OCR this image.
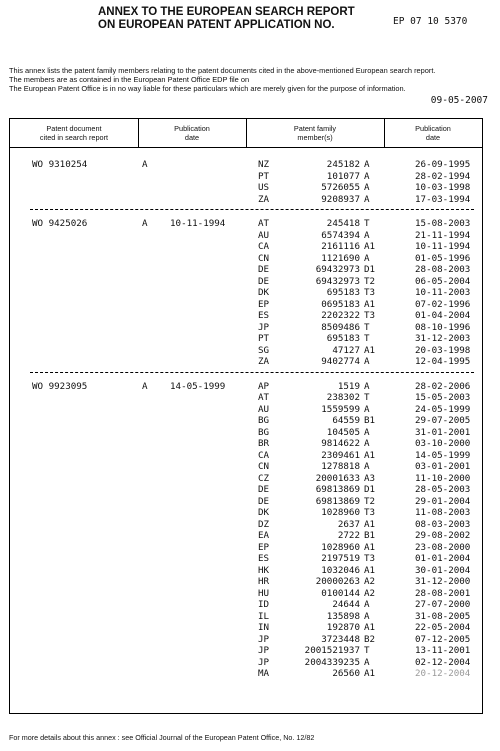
ANNEX TO THE EUROPEAN SEARCH REPORT
ON EUROPEAN PATENT APPLICATION NO.	EP 07 10 5370
This annex lists the patent family members relating to the patent documents cited in the above-mentioned European search report.
The members are as contained in the European Patent Office EDP file on
The European Patent Office is in no way liable for these particulars which are merely given for the purpose of information.
09-05-2007
Patent document
cited in search report
Publication
date
Patent family
member(s)
Publication
date
WO 9310254	A	NZ	245182 A	26-09-1995
PT	101077 A	28-02-1994
US	5726055 A	10-03-1998
ZA	9208937 A	17-03-1994
WO 9425026	A 10-11-1994	AT	245418 T	15-08-2003
AU	6574394 A	21-11-1994
CA	2161116 A1	10-11-1994
CN	1121690 A	01-05-1996
DE	69432973 D1	28-08-2003
DE	69432973 T2	06-05-2004
DK	695183 T3	10-11-2003
EP	0695183 A1	07-02-1996
ES	2202322 T3	01-04-2004
JP	8509486 T	08-10-1996
PT	695183 T	31-12-2003
SG	47127 A1	20-03-1998
ZA	9402774 A	12-04-1995
WO 9923095	A 14-05-1999	AP	1519 A	28-02-2006
AT	238302 T	15-05-2003
AU	1559599 A	24-05-1999
BG	64559 B1	29-07-2005
BG	104505 A	31-01-2001
BR	9814622 A	03-10-2000
CA	2309461 A1	14-05-1999
CN	1278818 A	03-01-2001
CZ	20001633 A3	11-10-2000
DE	69813869 D1	28-05-2003
DE	69813869 T2	29-01-2004
DK	1028960 T3	11-08-2003
DZ	2637 A1	08-03-2003
EA	2722 B1	29-08-2002
EP	1028960 A1	23-08-2000
ES	2197519 T3	01-01-2004
HK	1032046 A1	30-01-2004
HR	20000263 A2	31-12-2000
HU	0100144 A2	28-08-2001
ID	24644 A	27-07-2000
IL	135898 A	31-08-2005
IN	192870 A1	22-05-2004
JP	3723448 B2	07-12-2005
JP	2001521937 T	13-11-2001
JP	2004339235 A	02-12-2004
MA	26560 A1	20-12-2004
For more details about this annex : see Official Journal of the European Patent Office, No. 12/82
